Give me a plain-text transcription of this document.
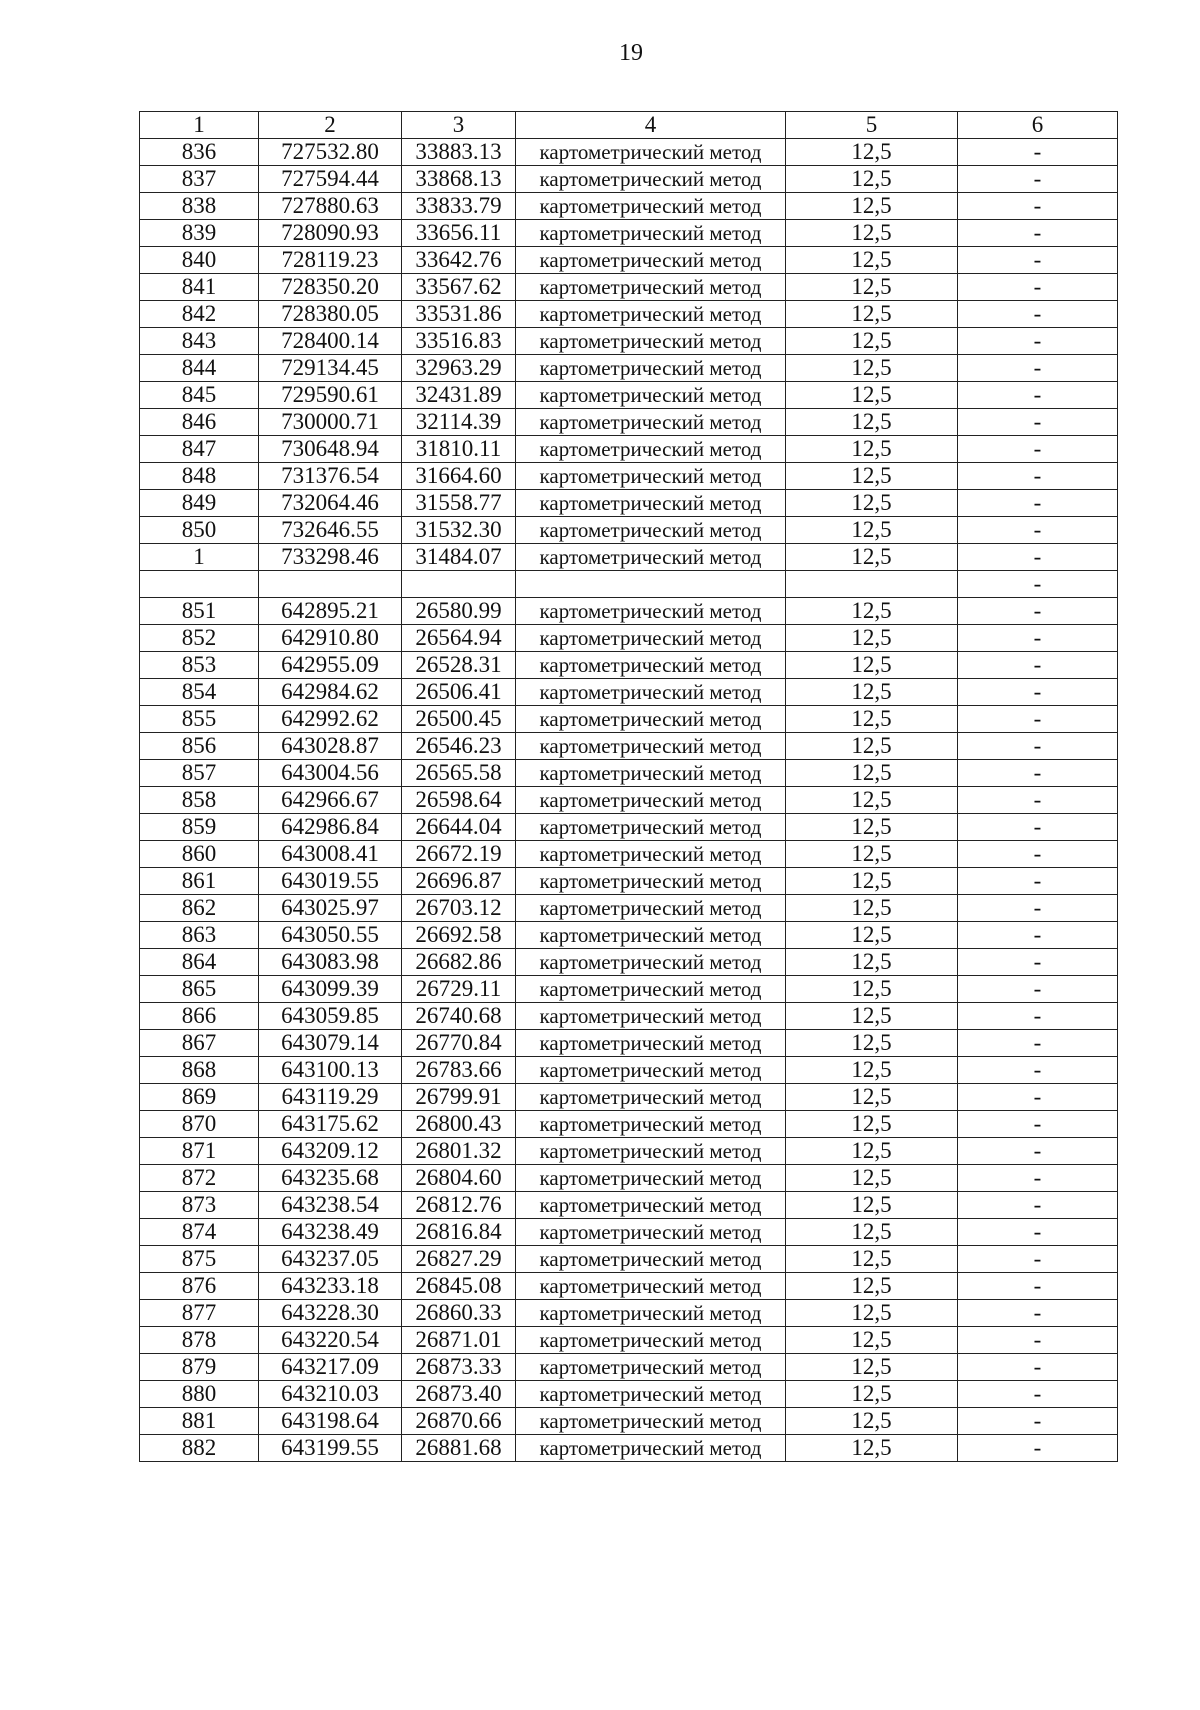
19
1	2	3	4	5	6
836	727532.80	33883.13	картометрический метод	12,5	-
837	727594.44	33868.13	картометрический метод	12,5	-
838	727880.63	33833.79	картометрический метод	12,5	-
839	728090.93	33656.11	картометрический метод	12,5	-
840	728119.23	33642.76	картометрический метод	12,5	-
841	728350.20	33567.62	картометрический метод	12,5	-
842	728380.05	33531.86	картометрический метод	12,5	-
843	728400.14	33516.83	картометрический метод	12,5	-
844	729134.45	32963.29	картометрический метод	12,5	-
845	729590.61	32431.89	картометрический метод	12,5	-
846	730000.71	32114.39	картометрический метод	12,5	-
847	730648.94	31810.11	картометрический метод	12,5	-
848	731376.54	31664.60	картометрический метод	12,5	-
849	732064.46	31558.77	картометрический метод	12,5	-
850	732646.55	31532.30	картометрический метод	12,5	-
1	733298.46	31484.07	картометрический метод	12,5	-
					-
851	642895.21	26580.99	картометрический метод	12,5	-
852	642910.80	26564.94	картометрический метод	12,5	-
853	642955.09	26528.31	картометрический метод	12,5	-
854	642984.62	26506.41	картометрический метод	12,5	-
855	642992.62	26500.45	картометрический метод	12,5	-
856	643028.87	26546.23	картометрический метод	12,5	-
857	643004.56	26565.58	картометрический метод	12,5	-
858	642966.67	26598.64	картометрический метод	12,5	-
859	642986.84	26644.04	картометрический метод	12,5	-
860	643008.41	26672.19	картометрический метод	12,5	-
861	643019.55	26696.87	картометрический метод	12,5	-
862	643025.97	26703.12	картометрический метод	12,5	-
863	643050.55	26692.58	картометрический метод	12,5	-
864	643083.98	26682.86	картометрический метод	12,5	-
865	643099.39	26729.11	картометрический метод	12,5	-
866	643059.85	26740.68	картометрический метод	12,5	-
867	643079.14	26770.84	картометрический метод	12,5	-
868	643100.13	26783.66	картометрический метод	12,5	-
869	643119.29	26799.91	картометрический метод	12,5	-
870	643175.62	26800.43	картометрический метод	12,5	-
871	643209.12	26801.32	картометрический метод	12,5	-
872	643235.68	26804.60	картометрический метод	12,5	-
873	643238.54	26812.76	картометрический метод	12,5	-
874	643238.49	26816.84	картометрический метод	12,5	-
875	643237.05	26827.29	картометрический метод	12,5	-
876	643233.18	26845.08	картометрический метод	12,5	-
877	643228.30	26860.33	картометрический метод	12,5	-
878	643220.54	26871.01	картометрический метод	12,5	-
879	643217.09	26873.33	картометрический метод	12,5	-
880	643210.03	26873.40	картометрический метод	12,5	-
881	643198.64	26870.66	картометрический метод	12,5	-
882	643199.55	26881.68	картометрический метод	12,5	-
